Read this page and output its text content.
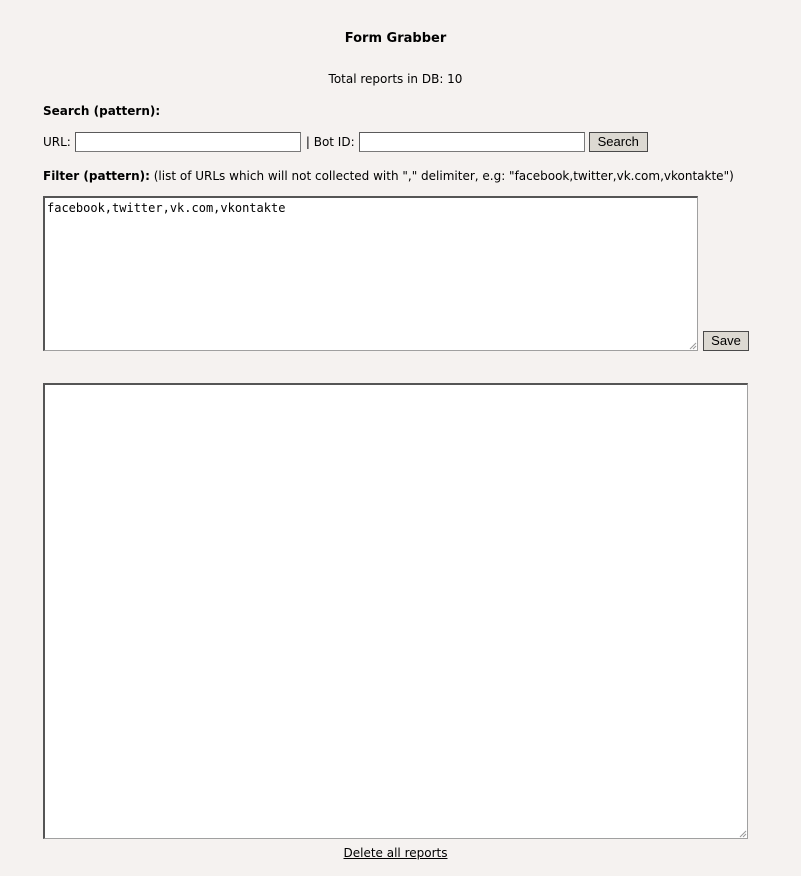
Form Grabber
Total reports in DB: 10
Search (pattern):
URL:	| Bot ID:	Search
Filter (pattern): (list of URLs which will not collected with "," delimiter, e.g: "facebook,twitter,vk.com,vkontakte")
facebook,twitter,vk.com,vkontakte
Save
Delete all reports
